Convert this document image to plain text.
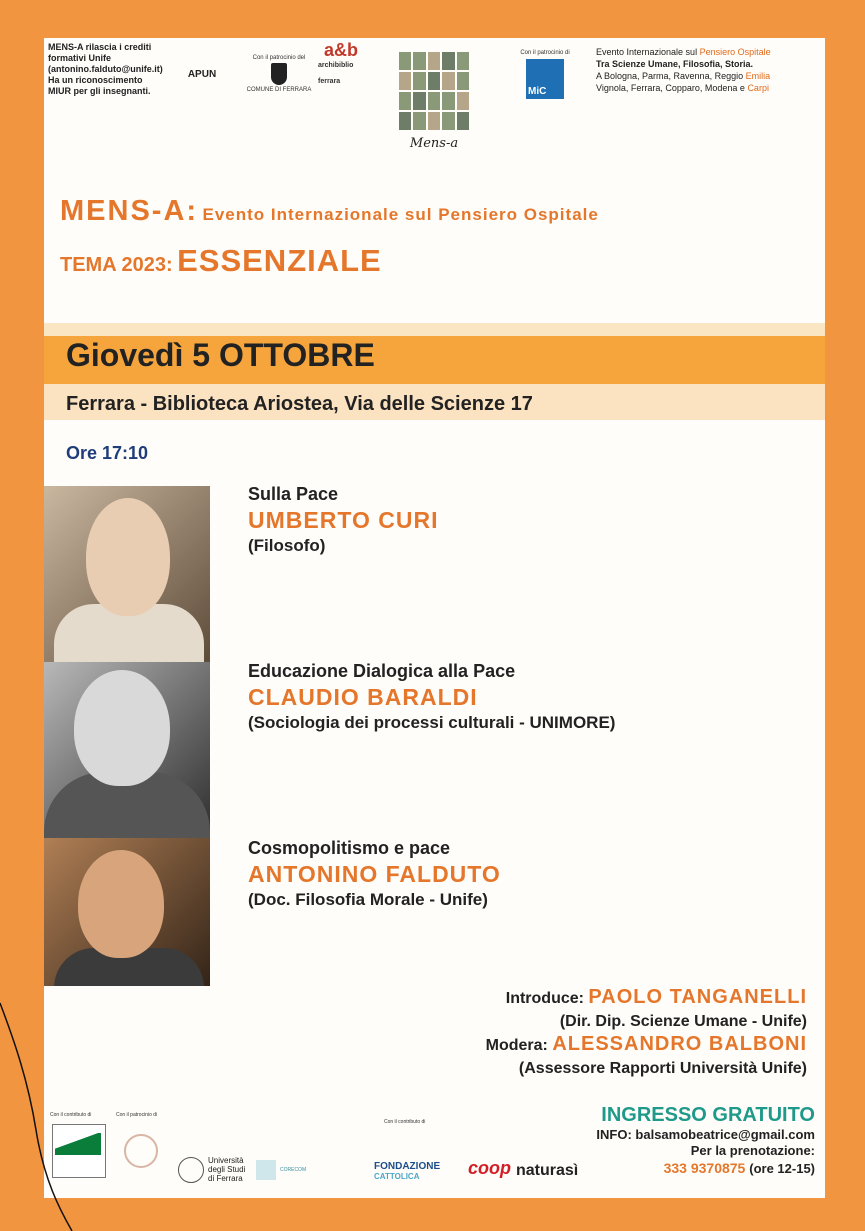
MENS-A rilascia i crediti
formativi Unife
(antonino.falduto@unife.it)
Ha un riconoscimento
MIUR per gli insegnanti.
APUN
Con il patrocinio del
COMUNE DI FERRARA
a&b
archibiblio ferrara
Mens-a
Con il patrocinio di
MiC
Evento Internazionale sul Pensiero Ospitale
Tra Scienze Umane, Filosofia, Storia.
A Bologna, Parma, Ravenna, Reggio Emilia
Vignola, Ferrara, Copparo, Modena e Carpi
MENS-A: Evento Internazionale sul Pensiero Ospitale
TEMA 2023: ESSENZIALE
Giovedì 5 OTTOBRE
Ferrara - Biblioteca Ariostea, Via delle Scienze 17
Ore 17:10
Sulla Pace
UMBERTO CURI
(Filosofo)
Educazione Dialogica alla Pace
CLAUDIO BARALDI
(Sociologia dei processi culturali - UNIMORE)
Cosmopolitismo e pace
ANTONINO FALDUTO
(Doc. Filosofia Morale - Unife)
Introduce: PAOLO TANGANELLI
(Dir. Dip. Scienze Umane - Unife)
Modera: ALESSANDRO BALBONI
(Assessore Rapporti Università Unife)
Con il contributo di	Con il patrocinio di
Con il contributo di
Università
degli Studi
di Ferrara
CORECOM	FONDAZIONE
CATTOLICA	coop naturasì
INGRESSO GRATUITO
INFO: balsamobeatrice@gmail.com
Per la prenotazione:
333 9370875 (ore 12-15)
